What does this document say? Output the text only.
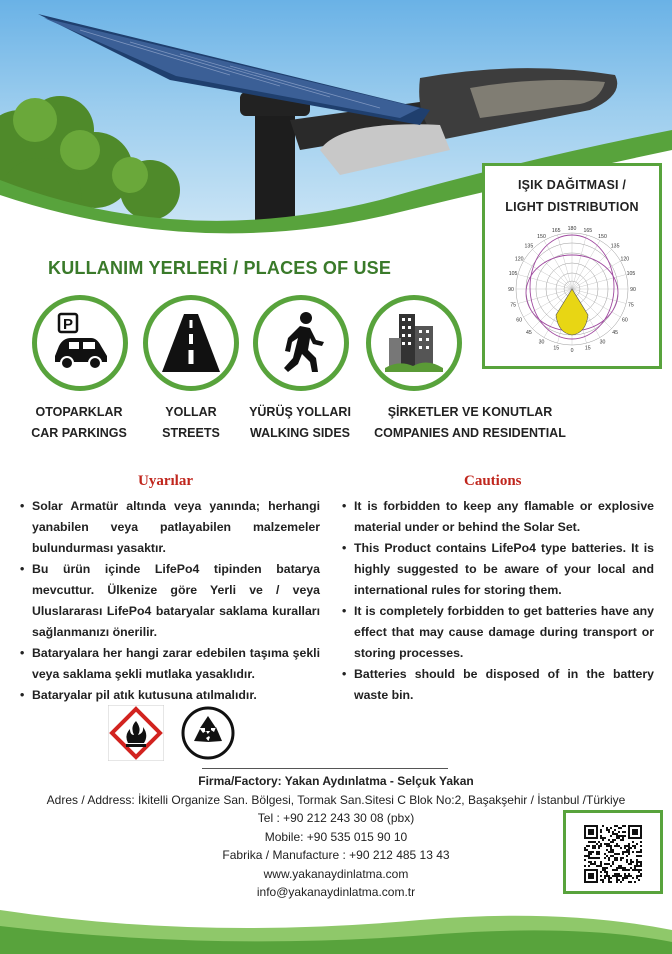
IŞIK DAĞITMASI /
LIGHT DISTRIBUTION
180 165
165
150
150
135
135
120
120
105
105
90
90
75
75
60
60
45
45
30
30
15
15 0
KULLANIM YERLERİ / PLACES OF USE
P
OTOPARKLAR
CAR PARKINGS
YOLLAR
STREETS
YÜRÜŞ YOLLARI
WALKING SIDES
ŞİRKETLER VE KONUTLAR
COMPANIES AND RESIDENTIAL
Uyarılar
• Solar Armatür altında veya yanında; herhangi yanabilen veya patlayabilen malzemeler bulundurması yasaktır.
• Bu ürün içinde LifePo4 tipinden batarya mevcuttur. Ülkenize göre Yerli ve / veya Uluslararası LifePo4 bataryalar saklama kuralları sağlanmanızı önerilir.
• Bataryalara her hangi zarar edebilen taşıma şekli veya saklama şekli mutlaka yasaklıdır.
• Bataryalar pil atık kutusuna atılmalıdır.
Cautions
• It is forbidden to keep any flamable or explosive material under or behind the Solar Set.
• This Product contains LifePo4 type batteries. It is highly suggested to be aware of your local and international rules for storing them.
• It is completely forbidden to get batteries have any effect that may cause damage during transport or storing processes.
• Batteries should be disposed of in the battery waste bin.
Firma/Factory: Yakan Aydınlatma - Selçuk Yakan
Adres / Address: İkitelli Organize San. Bölgesi, Tormak San.Sitesi C Blok No:2, Başakşehir / İstanbul /Türkiye
Tel : +90 212 243 30 08 (pbx)
Mobile: +90 535 015 90 10
Fabrika / Manufacture : +90 212 485 13 43
www.yakanaydinlatma.com
info@yakanaydinlatma.com.tr
